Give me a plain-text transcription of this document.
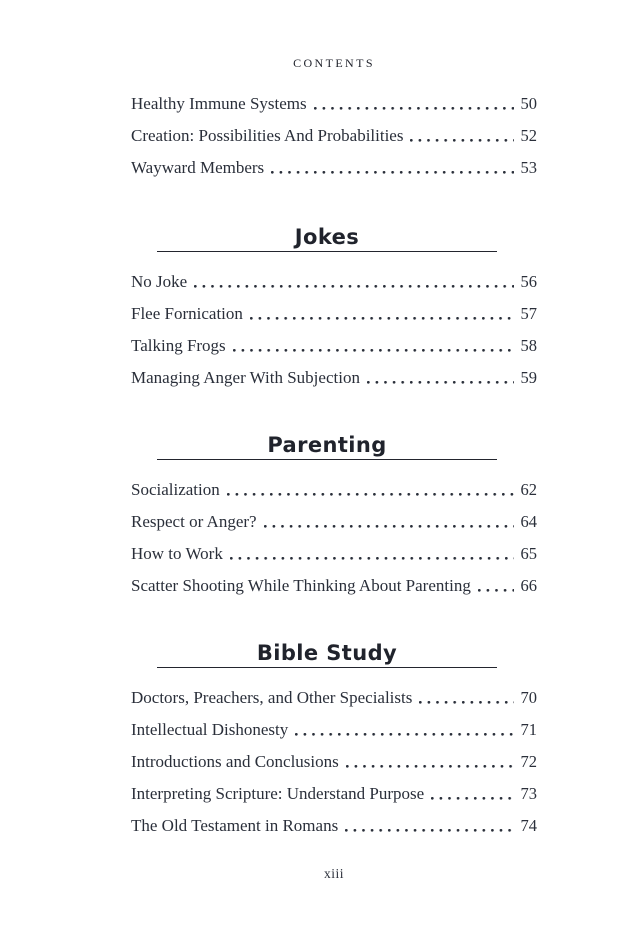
CONTENTS
Healthy Immune Systems	50
Creation: Possibilities And Probabilities	52
Wayward Members	53
Jokes
No Joke	56
Flee Fornication	57
Talking Frogs	58
Managing Anger With Subjection	59
Parenting
Socialization	62
Respect or Anger?	64
How to Work	65
Scatter Shooting While Thinking About Parenting	66
Bible Study
Doctors, Preachers, and Other Specialists	70
Intellectual Dishonesty	71
Introductions and Conclusions	72
Interpreting Scripture: Understand Purpose	73
The Old Testament in Romans	74
xiii
